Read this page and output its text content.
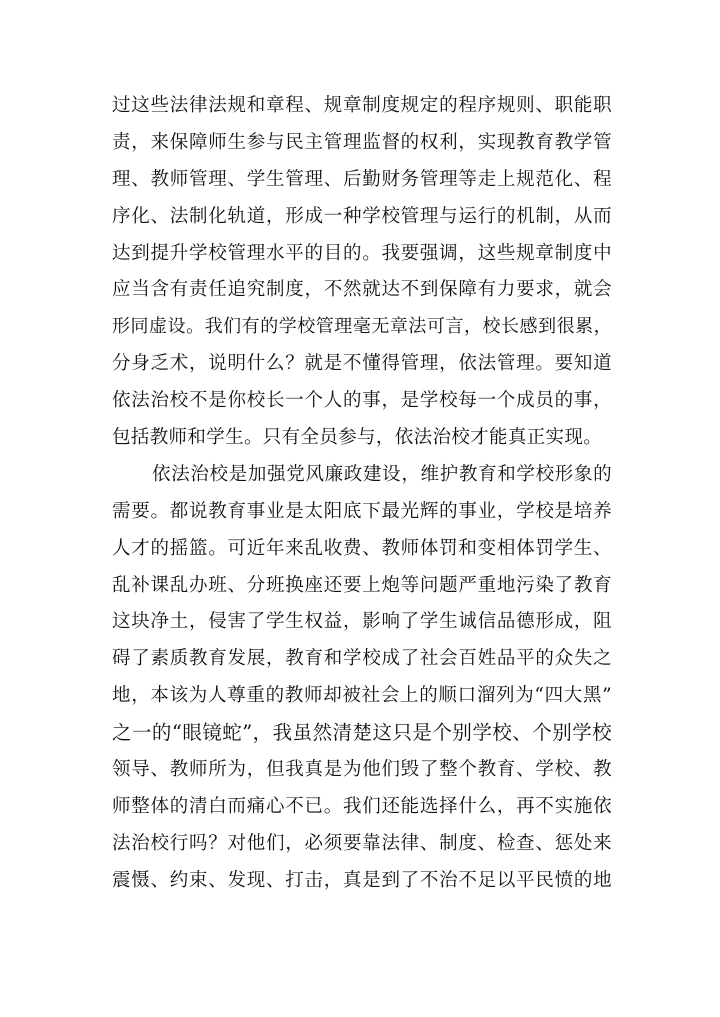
过这些法律法规和章程、规章制度规定的程序规则、职能职
责，来保障师生参与民主管理监督的权利，实现教育教学管
理、教师管理、学生管理、后勤财务管理等走上规范化、程
序化、法制化轨道，形成一种学校管理与运行的机制，从而
达到提升学校管理水平的目的。我要强调，这些规章制度中
应当含有责任追究制度，不然就达不到保障有力要求，就会
形同虚设。我们有的学校管理毫无章法可言，校长感到很累，
分身乏术，说明什么？就是不懂得管理，依法管理。要知道
依法治校不是你校长一个人的事，是学校每一个成员的事，
包括教师和学生。只有全员参与，依法治校才能真正实现。
依法治校是加强党风廉政建设，维护教育和学校形象的
需要。都说教育事业是太阳底下最光辉的事业，学校是培养
人才的摇篮。可近年来乱收费、教师体罚和变相体罚学生、
乱补课乱办班、分班换座还要上炮等问题严重地污染了教育
这块净土，侵害了学生权益，影响了学生诚信品德形成，阻
碍了素质教育发展，教育和学校成了社会百姓品平的众失之
地，本该为人尊重的教师却被社会上的顺口溜列为“四大黑”
之一的“眼镜蛇”，我虽然清楚这只是个别学校、个别学校
领导、教师所为，但我真是为他们毁了整个教育、学校、教
师整体的清白而痛心不已。我们还能选择什么，再不实施依
法治校行吗？对他们，必须要靠法律、制度、检查、惩处来
震慑、约束、发现、打击，真是到了不治不足以平民愤的地
